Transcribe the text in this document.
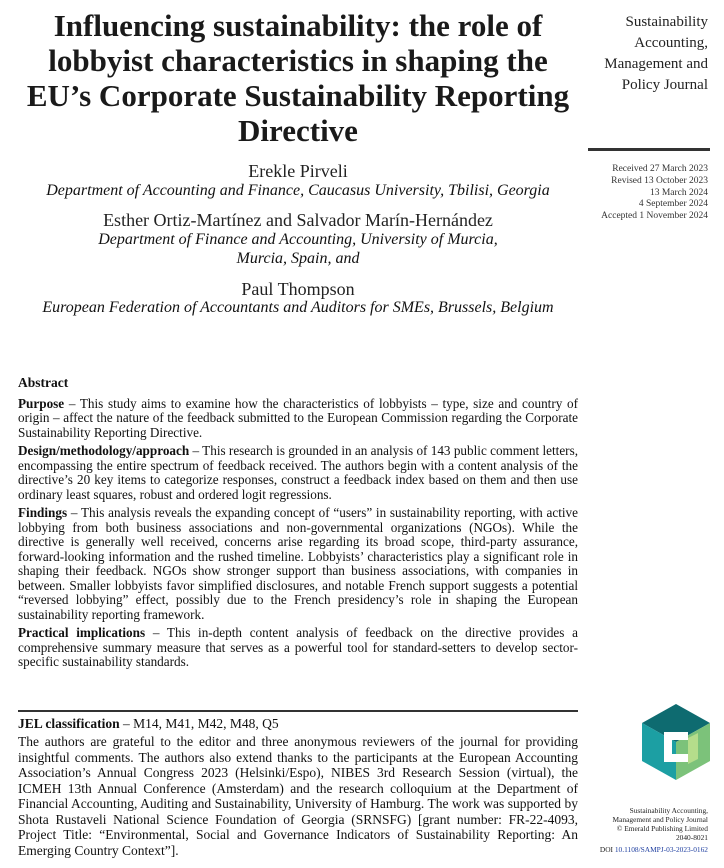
Influencing sustainability: the role of lobbyist characteristics in shaping the EU’s Corporate Sustainability Reporting Directive

Erekle Pirveli

Department of Accounting and Finance, Caucasus University, Tbilisi, Georgia

Esther Ortiz-Martínez and Salvador Marín-Hernández

Department of Finance and Accounting, University of Murcia,

Murcia, Spain, and

Paul Thompson

European Federation of Accountants and Auditors for SMEs, Brussels, Belgium

Sustainability
Accounting,
Management and
Policy Journal
Received 27 March 2023
Revised 13 October 2023
13 March 2024
4 September 2024
Accepted 1 November 2024
Abstract

Purpose – This study aims to examine how the characteristics of lobbyists – type, size and country of origin – affect the nature of the feedback submitted to the European Commission regarding the Corporate Sustainability Reporting Directive.

Design/methodology/approach – This research is grounded in an analysis of 143 public comment letters, encompassing the entire spectrum of feedback received. The authors begin with a content analysis of the directive’s 20 key items to categorize responses, construct a feedback index based on them and then use ordinary least squares, robust and ordered logit regressions.

Findings – This analysis reveals the expanding concept of “users” in sustainability reporting, with active lobbying from both business associations and non-governmental organizations (NGOs). While the directive is generally well received, concerns arise regarding its broad scope, third-party assurance, forward-looking information and the rushed timeline. Lobbyists’ characteristics play a significant role in shaping their feedback. NGOs show stronger support than business associations, with companies in between. Smaller lobbyists favor simplified disclosures, and notable French support suggests a potential “reversed lobbying” effect, possibly due to the French presidency’s role in shaping the European sustainability reporting framework.

Practical implications – This in-depth content analysis of feedback on the directive provides a comprehensive summary measure that serves as a powerful tool for standard-setters to develop sector-specific sustainability standards.

JEL classification – M14, M41, M42, M48, Q5

The authors are grateful to the editor and three anonymous reviewers of the journal for providing insightful comments. The authors also extend thanks to the participants at the European Accounting Association’s Annual Congress 2023 (Helsinki/Espo), NIBES 3rd Research Session (virtual), the ICMEH 13th Annual Conference (Amsterdam) and the research colloquium at the Department of Financial Accounting, Auditing and Sustainability, University of Hamburg. The work was supported by Shota Rustaveli National Science Foundation of Georgia (SRNSFG) [grant number: FR-22-4093, Project Title: “Environmental, Social and Governance Indicators of Sustainability Reporting: An Emerging Country Context”].

Sustainability Accounting,
Management and Policy Journal
© Emerald Publishing Limited
2040-8021
DOI 10.1108/SAMPJ-03-2023-0162
